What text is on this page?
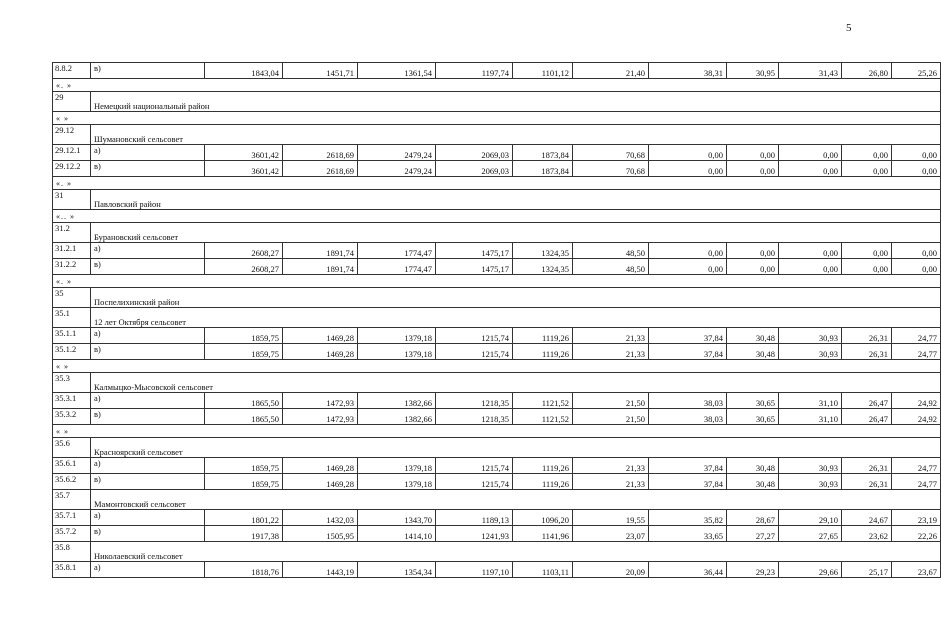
5
8.8.2	в)	1843,04	1451,71	1361,54	1197,74	1101,12	21,40	38,31	30,95	31,43	26,80	25,26
«. »												
29	Немецкий национальный район											
« »												
29.12	Шумановский сельсовет											
29.12.1	а)	3601,42	2618,69	2479,24	2069,03	1873,84	70,68	0,00	0,00	0,00	0,00	0,00
29.12.2	в)	3601,42	2618,69	2479,24	2069,03	1873,84	70,68	0,00	0,00	0,00	0,00	0,00
«. »												
31	Павловский район											
«.. »												
31.2	Бурановский сельсовет											
31.2.1	а)	2608,27	1891,74	1774,47	1475,17	1324,35	48,50	0,00	0,00	0,00	0,00	0,00
31.2.2	в)	2608,27	1891,74	1774,47	1475,17	1324,35	48,50	0,00	0,00	0,00	0,00	0,00
«. »												
35	Поспелихинский район											
35.1	12 лет Октября сельсовет											
35.1.1	а)	1859,75	1469,28	1379,18	1215,74	1119,26	21,33	37,84	30,48	30,93	26,31	24,77
35.1.2	в)	1859,75	1469,28	1379,18	1215,74	1119,26	21,33	37,84	30,48	30,93	26,31	24,77
« »												
35.3	Калмыцко-Мысовской сельсовет											
35.3.1	а)	1865,50	1472,93	1382,66	1218,35	1121,52	21,50	38,03	30,65	31,10	26,47	24,92
35.3.2	в)	1865,50	1472,93	1382,66	1218,35	1121,52	21,50	38,03	30,65	31,10	26,47	24,92
« »												
35.6	Красноярский сельсовет											
35.6.1	а)	1859,75	1469,28	1379,18	1215,74	1119,26	21,33	37,84	30,48	30,93	26,31	24,77
35.6.2	в)	1859,75	1469,28	1379,18	1215,74	1119,26	21,33	37,84	30,48	30,93	26,31	24,77
35.7	Мамонтовский сельсовет											
35.7.1	а)	1801,22	1432,03	1343,70	1189,13	1096,20	19,55	35,82	28,67	29,10	24,67	23,19
35.7.2	в)	1917,38	1505,95	1414,10	1241,93	1141,96	23,07	33,65	27,27	27,65	23,62	22,26
35.8	Николаевский сельсовет											
35.8.1	а)	1818,76	1443,19	1354,34	1197,10	1103,11	20,09	36,44	29,23	29,66	25,17	23,67
